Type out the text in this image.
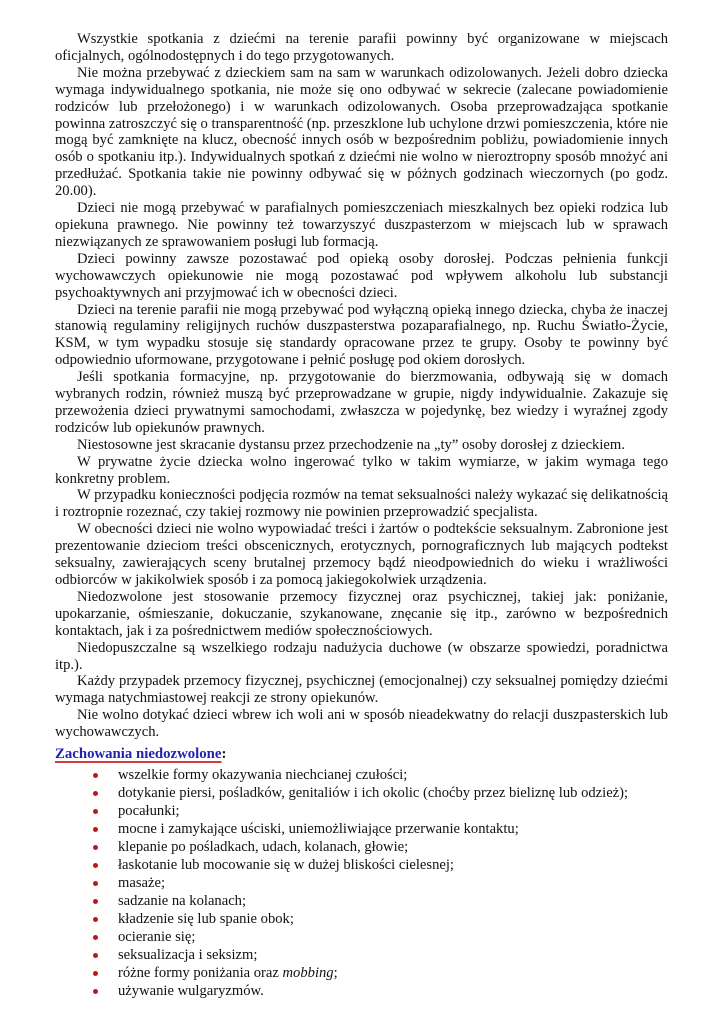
Wszystkie spotkania z dziećmi na terenie parafii powinny być organizowane w miejscach oficjalnych, ogólnodostępnych i do tego przygotowanych.

Nie można przebywać z dzieckiem sam na sam w warunkach odizolowanych. Jeżeli dobro dziecka wymaga indywidualnego spotkania, nie może się ono odbywać w sekrecie (zalecane powiadomienie rodziców lub przełożonego) i w warunkach odizolowanych. Osoba przeprowadzająca spotkanie powinna zatroszczyć się o transparentność (np. przeszklone lub uchylone drzwi pomieszczenia, które nie mogą być zamknięte na klucz, obecność innych osób w bezpośrednim pobliżu, powiadomienie innych osób o spotkaniu itp.). Indywidualnych spotkań z dziećmi nie wolno w nieroztropny sposób mnożyć ani przedłużać. Spotkania takie nie powinny odbywać się w póżnych godzinach wieczornych (po godz. 20.00).

Dzieci nie mogą przebywać w parafialnych pomieszczeniach mieszkalnych bez opieki rodzica lub opiekuna prawnego. Nie powinny też towarzyszyć duszpasterzom w miejscach lub w sprawach niezwiązanych ze sprawowaniem posługi lub formacją.

Dzieci powinny zawsze pozostawać pod opieką osoby dorosłej. Podczas pełnienia funkcji wychowawczych opiekunowie nie mogą pozostawać pod wpływem alkoholu lub substancji psychoaktywnych ani przyjmować ich w obecności dzieci.

Dzieci na terenie parafii nie mogą przebywać pod wyłączną opieką innego dziecka, chyba że inaczej stanowią regulaminy religijnych ruchów duszpasterstwa pozaparafialnego, np. Ruchu Światło-Życie, KSM, w tym wypadku stosuje się standardy opracowane przez te grupy. Osoby te powinny być odpowiednio uformowane, przygotowane i pełnić posługę pod okiem dorosłych.

Jeśli spotkania formacyjne, np. przygotowanie do bierzmowania, odbywają się w domach wybranych rodzin, również muszą być przeprowadzane w grupie, nigdy indywidualnie. Zakazuje się przewożenia dzieci prywatnymi samochodami, zwłaszcza w pojedynkę, bez wiedzy i wyraźnej zgody rodziców lub opiekunów prawnych.

Niestosowne jest skracanie dystansu przez przechodzenie na „ty” osoby dorosłej z dzieckiem.

W prywatne życie dziecka wolno ingerować tylko w takim wymiarze, w jakim wymaga tego konkretny problem.

W przypadku konieczności podjęcia rozmów na temat seksualności należy wykazać się delikatnością i roztropnie rozeznać, czy takiej rozmowy nie powinien przeprowadzić specjalista.

W obecności dzieci nie wolno wypowiadać treści i żartów o podtekście seksualnym. Zabronione jest prezentowanie dzieciom treści obscenicznych, erotycznych, pornograficznych lub mających podtekst seksualny, zawierających sceny brutalnej przemocy bądź nieodpowiednich do wieku i wrażliwości odbiorców w jakikolwiek sposób i za pomocą jakiegokolwiek urządzenia.

Niedozwolone jest stosowanie przemocy fizycznej oraz psychicznej, takiej jak: poniżanie, upokarzanie, ośmieszanie, dokuczanie, szykanowane, znęcanie się itp., zarówno w bezpośrednich kontaktach, jak i za pośrednictwem mediów społecznościowych.

Niedopuszczalne są wszelkiego rodzaju nadużycia duchowe (w obszarze spowiedzi, poradnictwa itp.).

Każdy przypadek przemocy fizycznej, psychicznej (emocjonalnej) czy seksualnej pomiędzy dziećmi wymaga natychmiastowej reakcji ze strony opiekunów.

Nie wolno dotykać dzieci wbrew ich woli ani w sposób nieadekwatny do relacji duszpasterskich lub wychowawczych.

Zachowania niedozwolone:
wszelkie formy okazywania niechcianej czułości;
dotykanie piersi, pośladków, genitaliów i ich okolic (choćby przez bieliznę lub odzież);
pocałunki;
mocne i zamykające uściski, uniemożliwiające przerwanie kontaktu;
klepanie po pośladkach, udach, kolanach, głowie;
łaskotanie lub mocowanie się w dużej bliskości cielesnej;
masaże;
sadzanie na kolanach;
kładzenie się lub spanie obok;
ocieranie się;
seksualizacja i seksizm;
różne formy poniżania oraz mobbing;
używanie wulgaryzmów.
